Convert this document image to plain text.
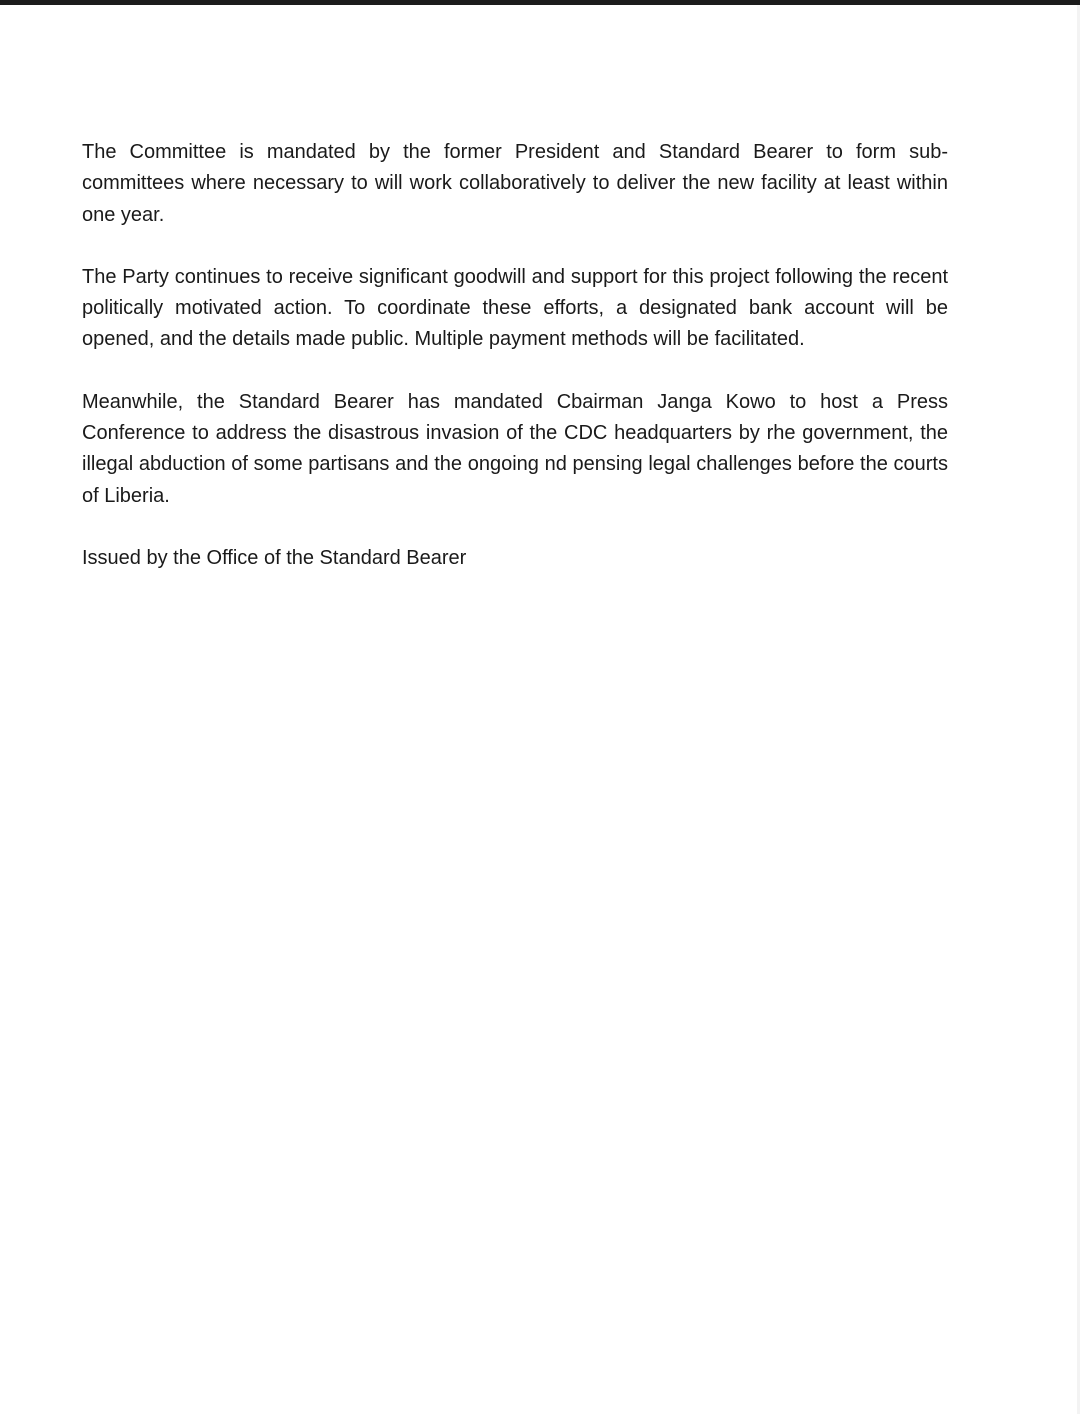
The Committee is mandated by the former President and Standard Bearer to form sub-committees where necessary to will work collaboratively to deliver the new facility at least within one year.

The Party continues to receive significant goodwill and support for this project following the recent politically motivated action. To coordinate these efforts, a designated bank account will be opened, and the details made public. Multiple payment methods will be facilitated.

Meanwhile, the Standard Bearer has mandated Cbairman Janga Kowo to host a Press Conference to address the disastrous invasion of the CDC headquarters by rhe government, the illegal abduction of some partisans and the ongoing nd pensing legal challenges before the courts of Liberia.

Issued by the Office of the Standard Bearer
